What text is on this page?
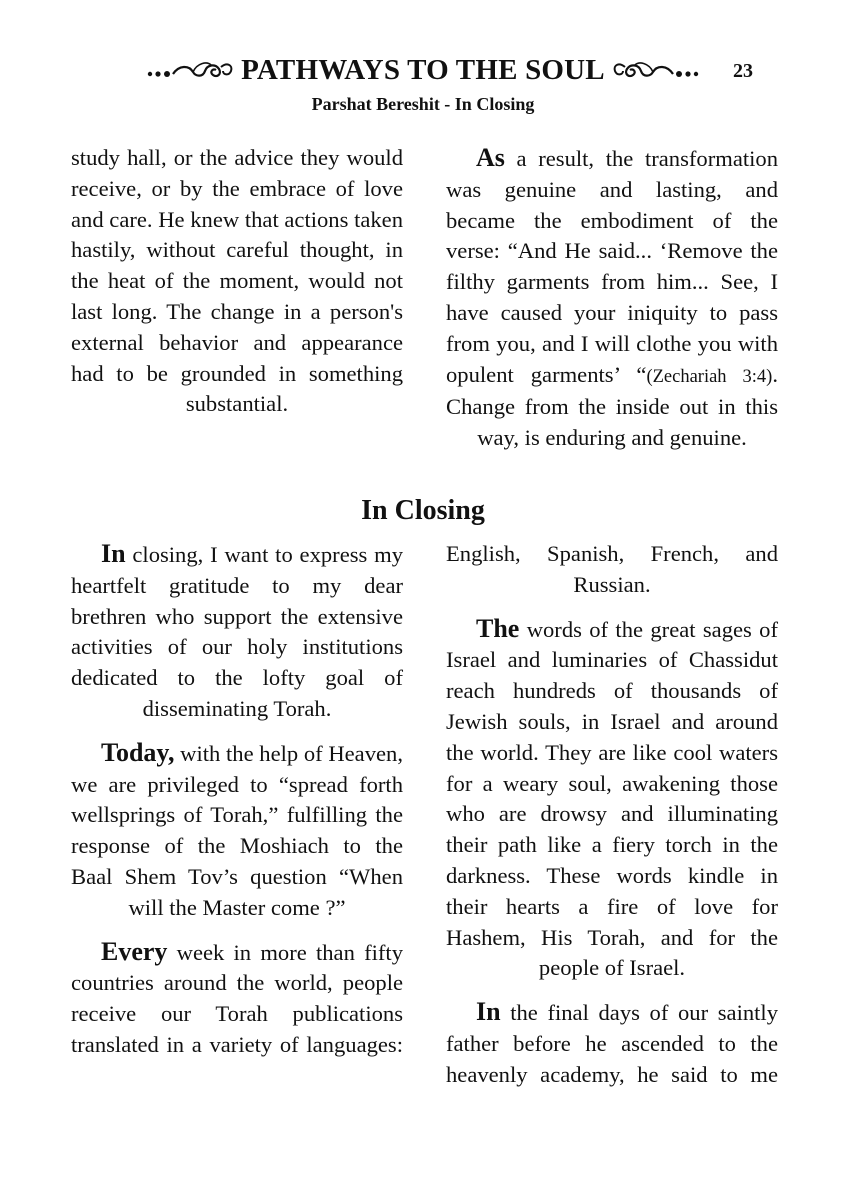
PATHWAYS TO THE SOUL	23
Parshat Bereshit - In Closing

study hall, or the advice they would receive, or by the embrace of love and care. He knew that actions taken hastily, without careful thought, in the heat of the moment, would not last long. The change in a person's external behavior and appearance had to be grounded in something substantial.

As a result, the transformation was genuine and lasting, and became the embodiment of the verse: “And He said... ‘Remove the filthy garments from him... See, I have caused your iniquity to pass from you, and I will clothe you with opulent garments’ “(Zechariah 3:4). Change from the inside out in this way, is enduring and genuine.

In Closing

In closing, I want to express my heartfelt gratitude to my dear brethren who support the extensive activities of our holy institutions dedicated to the lofty goal of disseminating Torah.

Today, with the help of Heaven, we are privileged to “spread forth wellsprings of Torah,” fulfilling the response of the Moshiach to the Baal Shem Tov’s question “When will the Master come ?”

Every week in more than fifty countries around the world, people receive our Torah publications translated in a variety of languages:

English, Spanish, French, and Russian.

The words of the great sages of Israel and luminaries of Chassidut reach hundreds of thousands of Jewish souls, in Israel and around the world. They are like cool waters for a weary soul, awakening those who are drowsy and illuminating their path like a fiery torch in the darkness. These words kindle in their hearts a fire of love for Hashem, His Torah, and for the people of Israel.

In the final days of our saintly father before he ascended to the heavenly academy, he said to me
